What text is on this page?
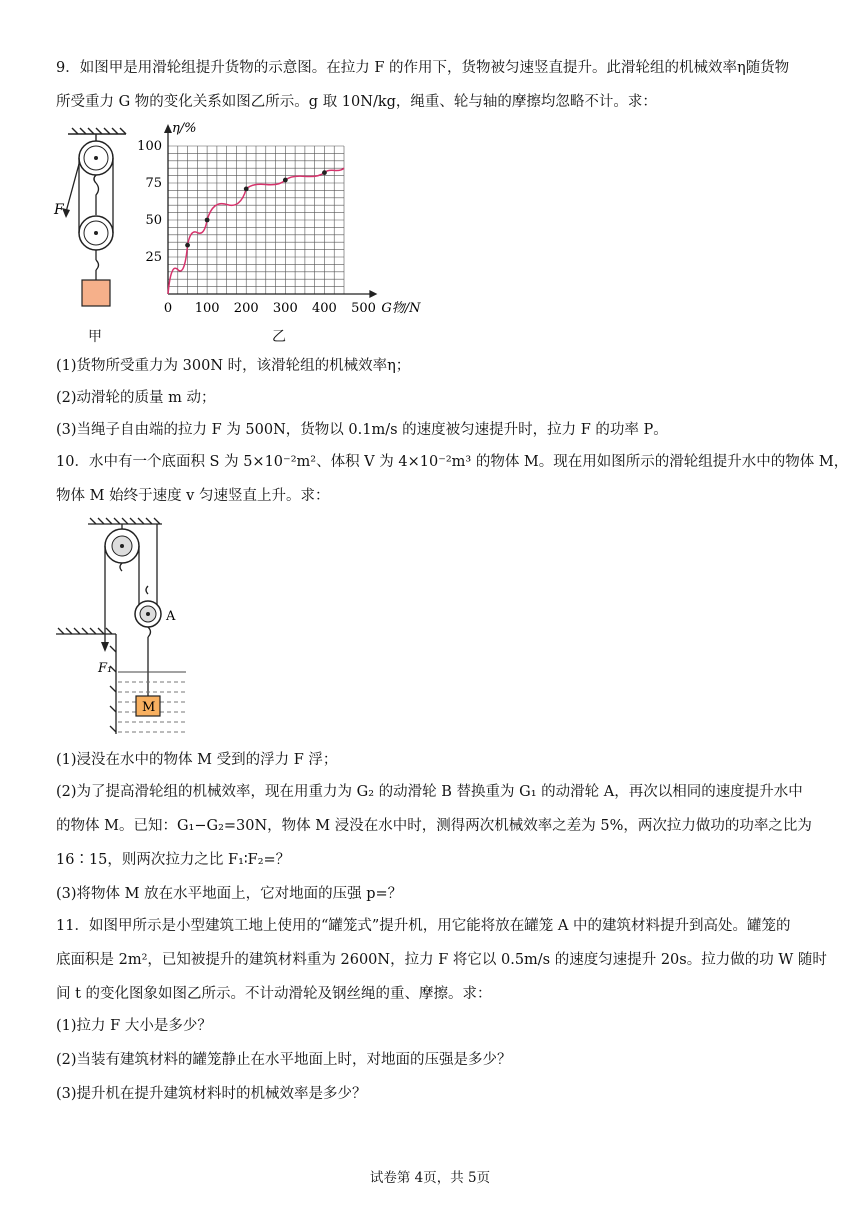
9．如图甲是用滑轮组提升货物的示意图。在拉力 F 的作用下，货物被匀速竖直提升。此滑轮组的机械效率η随货物
所受重力 G 物的变化关系如图乙所示。g 取 10N/kg，绳重、轮与轴的摩擦均忽略不计。求：
F
0 100 200 300 400 500
25
50
75
100
η/%
G物/N
甲	乙
(1)货物所受重力为 300N 时，该滑轮组的机械效率η；
(2)动滑轮的质量 m 动；
(3)当绳子自由端的拉力 F 为 500N，货物以 0.1m/s 的速度被匀速提升时，拉力 F 的功率 P。
10．水中有一个底面积 S 为 5×10⁻²m²、体积 V 为 4×10⁻²m³ 的物体 M。现在用如图所示的滑轮组提升水中的物体 M，
物体 M 始终于速度 v 匀速竖直上升。求：
F₁
A
M
(1)浸没在水中的物体 M 受到的浮力 F 浮；
(2)为了提高滑轮组的机械效率，现在用重力为 G₂ 的动滑轮 B 替换重为 G₁ 的动滑轮 A，再次以相同的速度提升水中
的物体 M。已知：G₁−G₂=30N，物体 M 浸没在水中时，测得两次机械效率之差为 5%，两次拉力做功的功率之比为
16∶15，则两次拉力之比 F₁∶F₂=？
(3)将物体 M 放在水平地面上，它对地面的压强 p=？
11．如图甲所示是小型建筑工地上使用的“罐笼式”提升机，用它能将放在罐笼 A 中的建筑材料提升到高处。罐笼的
底面积是 2m²，已知被提升的建筑材料重为 2600N，拉力 F 将它以 0.5m/s 的速度匀速提升 20s。拉力做的功 W 随时
间 t 的变化图象如图乙所示。不计动滑轮及钢丝绳的重、摩擦。求：
(1)拉力 F 大小是多少？
(2)当装有建筑材料的罐笼静止在水平地面上时，对地面的压强是多少？
(3)提升机在提升建筑材料时的机械效率是多少？
试卷第 4页，共 5页
